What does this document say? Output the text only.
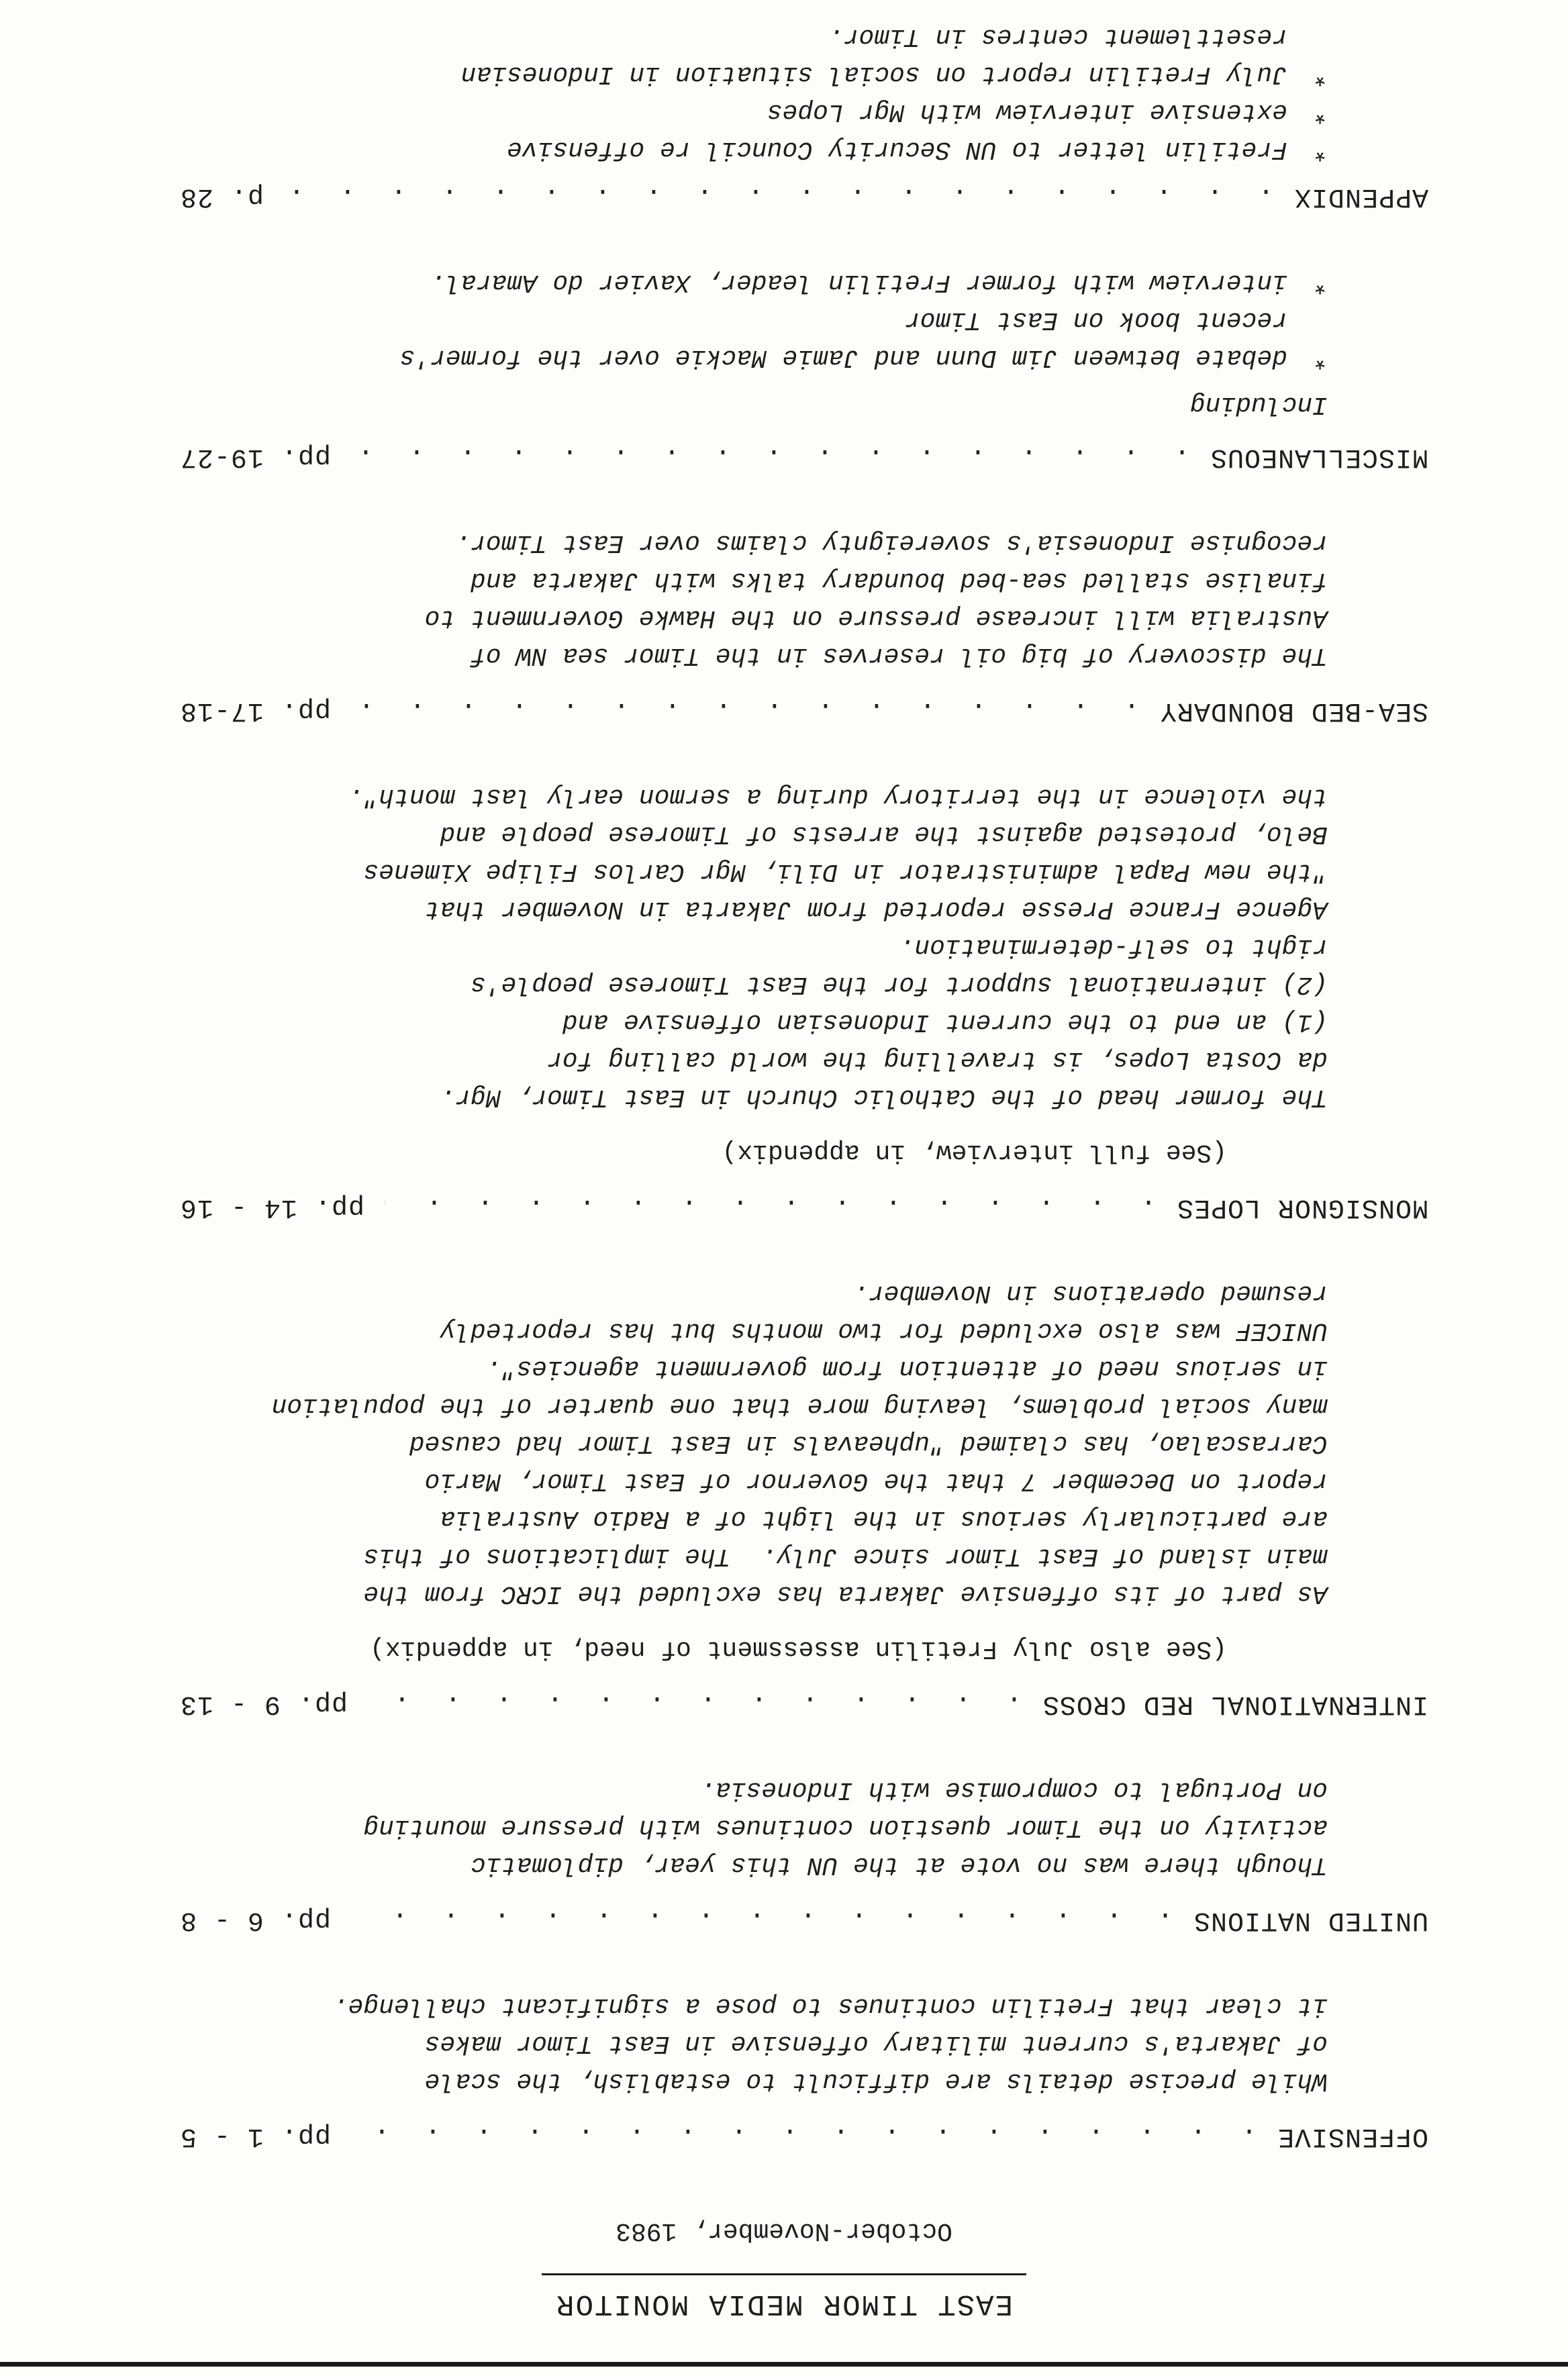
EAST TIMOR MEDIA MONITOR
October-November, 1983
OFFENSIVE
. . .
pp. 1 - 5
While precise details are difficult to establish, the scale
of Jakarta's current military offensive in East Timor makes
it clear that Fretilin continues to pose a significant challenge.
UNITED NATIONS
. . .
pp. 6 - 8
Though there was no vote at the UN this year, diplomatic
activity on the Timor question continues with pressure mounting
on Portugal to compromise with Indonesia.
INTERNATIONAL RED CROSS
. . .
pp. 9 - 13
(See also July Fretilin assessment of need, in appendix)
As part of its offensive Jakarta has excluded the ICRC from the
main island of East Timor since July.  The implications of this
are particularly serious in the light of a Radio Australia
report on December 7 that the Governor of East Timor, Mario
Carrascalao, has claimed "upheavals in East Timor had caused
many social problems, leaving more that one quarter of the population
in serious need of attention from government agencies".
UNICEF was also excluded for two months but has reportedly
resumed operations in November.
MONSIGNOR LOPES
. . .
pp. 14 - 16
(See full interview, in appendix)
The former head of the Catholic Church in East Timor, Mgr.
da Costa Lopes, is travelling the world calling for
(1) an end to the current Indonesian offensive and
(2) international support for the East Timorese people's
right to self-determination.
Agence France Presse reported from Jakarta in November that
"the new Papal administrator in Dili, Mgr Carlos Filipe Ximenes
Belo, protested against the arrests of Timorese people and
the violence in the territory during a sermon early last month".
SEA-BED BOUNDARY
. . .
pp. 17-18
The discovery of big oil reserves in the Timor sea NW of
Australia will increase pressure on the Hawke Government to
finalise stalled sea-bed boundary talks with Jakarta and
recognise Indonesia's sovereignty claims over East Timor.
MISCELLANEOUS
. . .
pp. 19-27
Including
*
debate between Jim Dunn and Jamie Mackie over the former's
recent book on East Timor
*
interview with former Fretilin leader, Xavier do Amaral.
APPENDIX
. . .
p. 28
*
Fretilin letter to UN Security Council re offensive
*
extensive interview with Mgr Lopes
*
July Fretilin report on social situation in Indonesian
resettlement centres in Timor.
